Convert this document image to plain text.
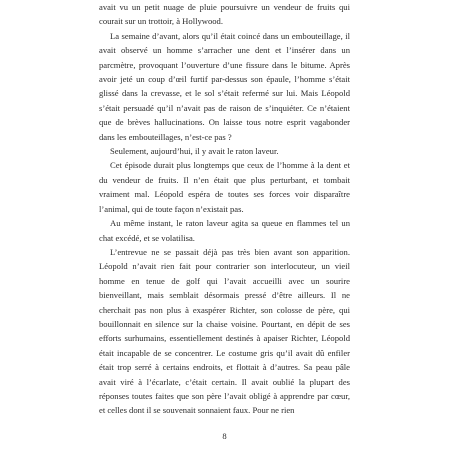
avait vu un petit nuage de pluie poursuivre un vendeur de fruits qui courait sur un trottoir, à Hollywood.

La semaine d’avant, alors qu’il était coincé dans un embouteillage, il avait observé un homme s’arracher une dent et l’insérer dans un parcmètre, provoquant l’ouverture d’une fissure dans le bitume. Après avoir jeté un coup d’œil furtif par-dessus son épaule, l’homme s’était glissé dans la crevasse, et le sol s’était refermé sur lui. Mais Léopold s’était persuadé qu’il n’avait pas de raison de s’inquiéter. Ce n’étaient que de brèves hallucinations. On laisse tous notre esprit vagabonder dans les embouteillages, n’est-ce pas ?

Seulement, aujourd’hui, il y avait le raton laveur.

Cet épisode durait plus longtemps que ceux de l’homme à la dent et du vendeur de fruits. Il n’en était que plus perturbant, et tombait vraiment mal. Léopold espéra de toutes ses forces voir disparaître l’animal, qui de toute façon n’existait pas.

Au même instant, le raton laveur agita sa queue en flammes tel un chat excédé, et se volatilisa.

L’entrevue ne se passait déjà pas très bien avant son apparition. Léopold n’avait rien fait pour contrarier son interlocuteur, un vieil homme en tenue de golf qui l’avait accueilli avec un sourire bienveillant, mais semblait désormais pressé d’être ailleurs. Il ne cherchait pas non plus à exaspérer Richter, son colosse de père, qui bouillonnait en silence sur la chaise voisine. Pourtant, en dépit de ses efforts surhumains, essentiellement destinés à apaiser Richter, Léopold était incapable de se concentrer. Le costume gris qu’il avait dû enfiler était trop serré à certains endroits, et flottait à d’autres. Sa peau pâle avait viré à l’écarlate, c’était certain. Il avait oublié la plupart des réponses toutes faites que son père l’avait obligé à apprendre par cœur, et celles dont il se souvenait sonnaient faux. Pour ne rien

8
